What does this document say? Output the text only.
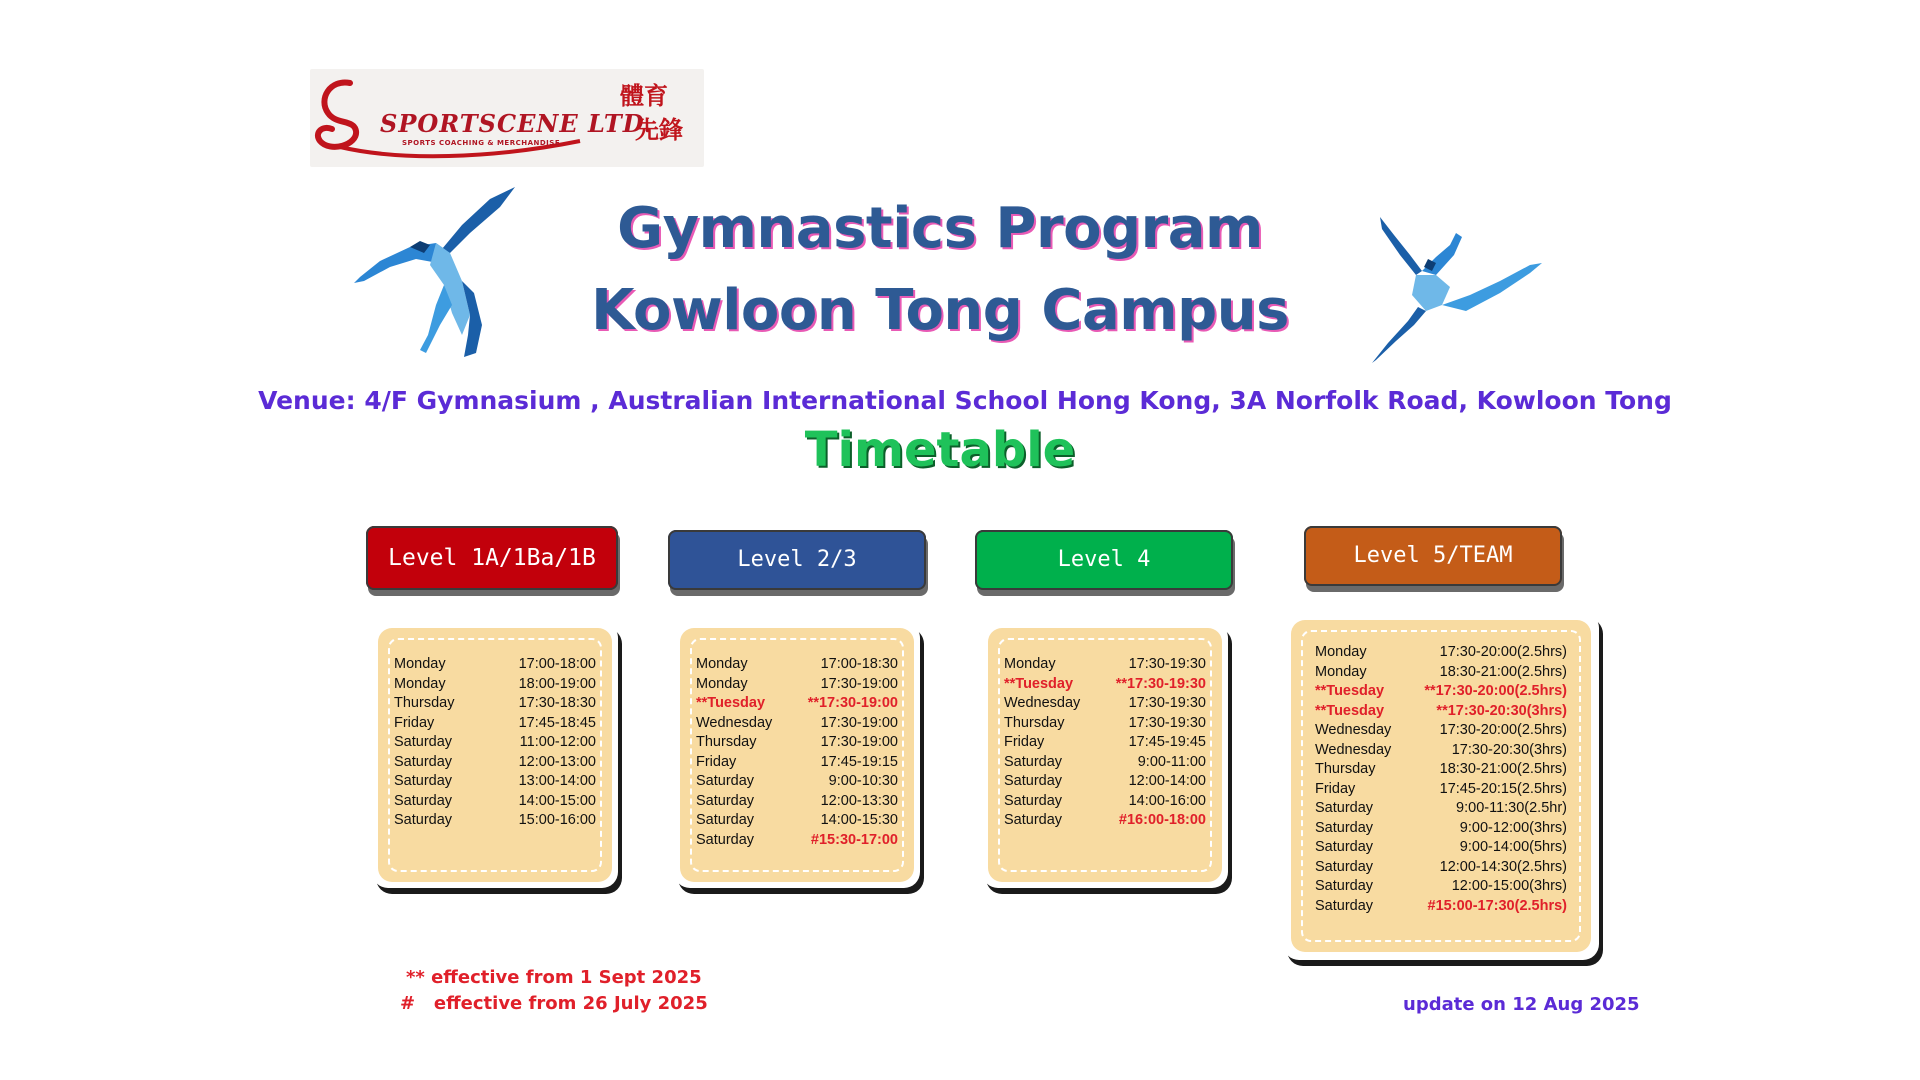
SPORTSCENE LTD.
SPORTS COACHING & MERCHANDISE
體育
先鋒
Gymnastics Program
Kowloon Tong Campus
Venue: 4/F Gymnasium , Australian International School Hong Kong, 3A Norfolk Road, Kowloon Tong
Timetable
Level 1A/1Ba/1B	Level 2/3	Level 4	Level 5/TEAM
Monday	17:00-18:00
Monday	18:00-19:00
Thursday	17:30-18:30
Friday	17:45-18:45
Saturday	11:00-12:00
Saturday	12:00-13:00
Saturday	13:00-14:00
Saturday	14:00-15:00
Saturday	15:00-16:00
Monday	17:00-18:30
Monday	17:30-19:00
**Tuesday	**17:30-19:00
Wednesday	17:30-19:00
Thursday	17:30-19:00
Friday	17:45-19:15
Saturday	9:00-10:30
Saturday	12:00-13:30
Saturday	14:00-15:30
Saturday	#15:30-17:00
Monday	17:30-19:30
**Tuesday	**17:30-19:30
Wednesday	17:30-19:30
Thursday	17:30-19:30
Friday	17:45-19:45
Saturday	9:00-11:00
Saturday	12:00-14:00
Saturday	14:00-16:00
Saturday	#16:00-18:00
Monday	17:30-20:00(2.5hrs)
Monday	18:30-21:00(2.5hrs)
**Tuesday	**17:30-20:00(2.5hrs)
**Tuesday	**17:30-20:30(3hrs)
Wednesday	17:30-20:00(2.5hrs)
Wednesday	17:30-20:30(3hrs)
Thursday	18:30-21:00(2.5hrs)
Friday	17:45-20:15(2.5hrs)
Saturday	9:00-11:30(2.5hr)
Saturday	9:00-12:00(3hrs)
Saturday	9:00-14:00(5hrs)
Saturday	12:00-14:30(2.5hrs)
Saturday	12:00-15:00(3hrs)
Saturday	#15:00-17:30(2.5hrs)
** effective from 1 Sept 2025
#   effective from 26 July 2025	update on 12 Aug 2025
